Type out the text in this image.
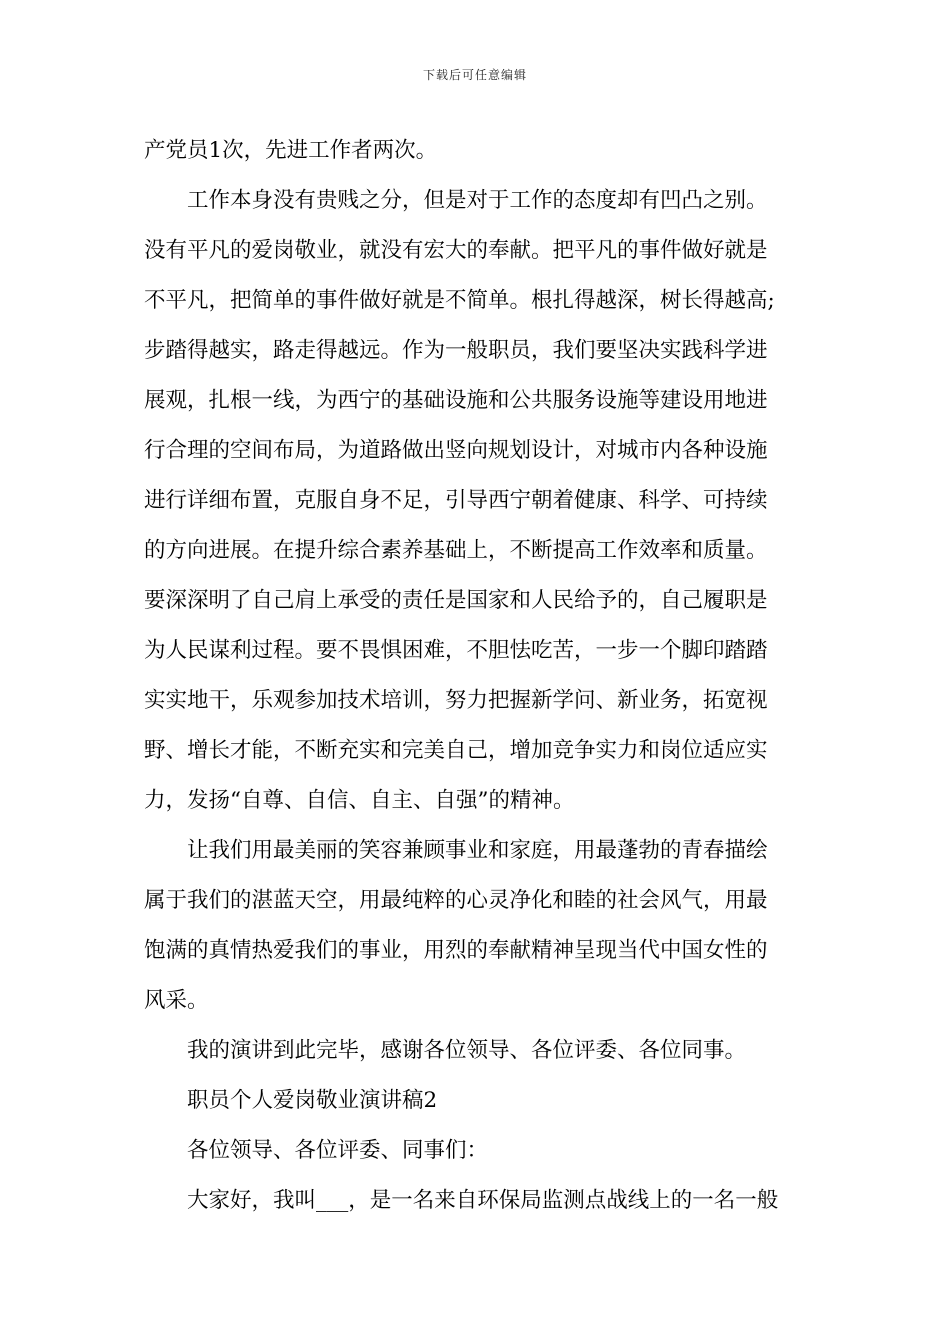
下载后可任意编辑
产党员1次，先进工作者两次。
工作本身没有贵贱之分，但是对于工作的态度却有凹凸之别。
没有平凡的爱岗敬业，就没有宏大的奉献。把平凡的事件做好就是
不平凡，把简单的事件做好就是不简单。根扎得越深，树长得越高;
步踏得越实，路走得越远。作为一般职员，我们要坚决实践科学进
展观，扎根一线，为西宁的基础设施和公共服务设施等建设用地进
行合理的空间布局，为道路做出竖向规划设计，对城市内各种设施
进行详细布置，克服自身不足，引导西宁朝着健康、科学、可持续
的方向进展。在提升综合素养基础上，不断提高工作效率和质量。
要深深明了自己肩上承受的责任是国家和人民给予的，自己履职是
为人民谋利过程。要不畏惧困难，不胆怯吃苦，一步一个脚印踏踏
实实地干，乐观参加技术培训，努力把握新学问、新业务，拓宽视
野、增长才能，不断充实和完美自己，增加竞争实力和岗位适应实
力，发扬“自尊、自信、自主、自强”的精神。
让我们用最美丽的笑容兼顾事业和家庭，用最蓬勃的青春描绘
属于我们的湛蓝天空，用最纯粹的心灵净化和睦的社会风气，用最
饱满的真情热爱我们的事业，用烈的奉献精神呈现当代中国女性的
风采。
我的演讲到此完毕，感谢各位领导、各位评委、各位同事。
职员个人爱岗敬业演讲稿2
各位领导、各位评委、同事们：
大家好，我叫___，是一名来自环保局监测点战线上的一名一般
